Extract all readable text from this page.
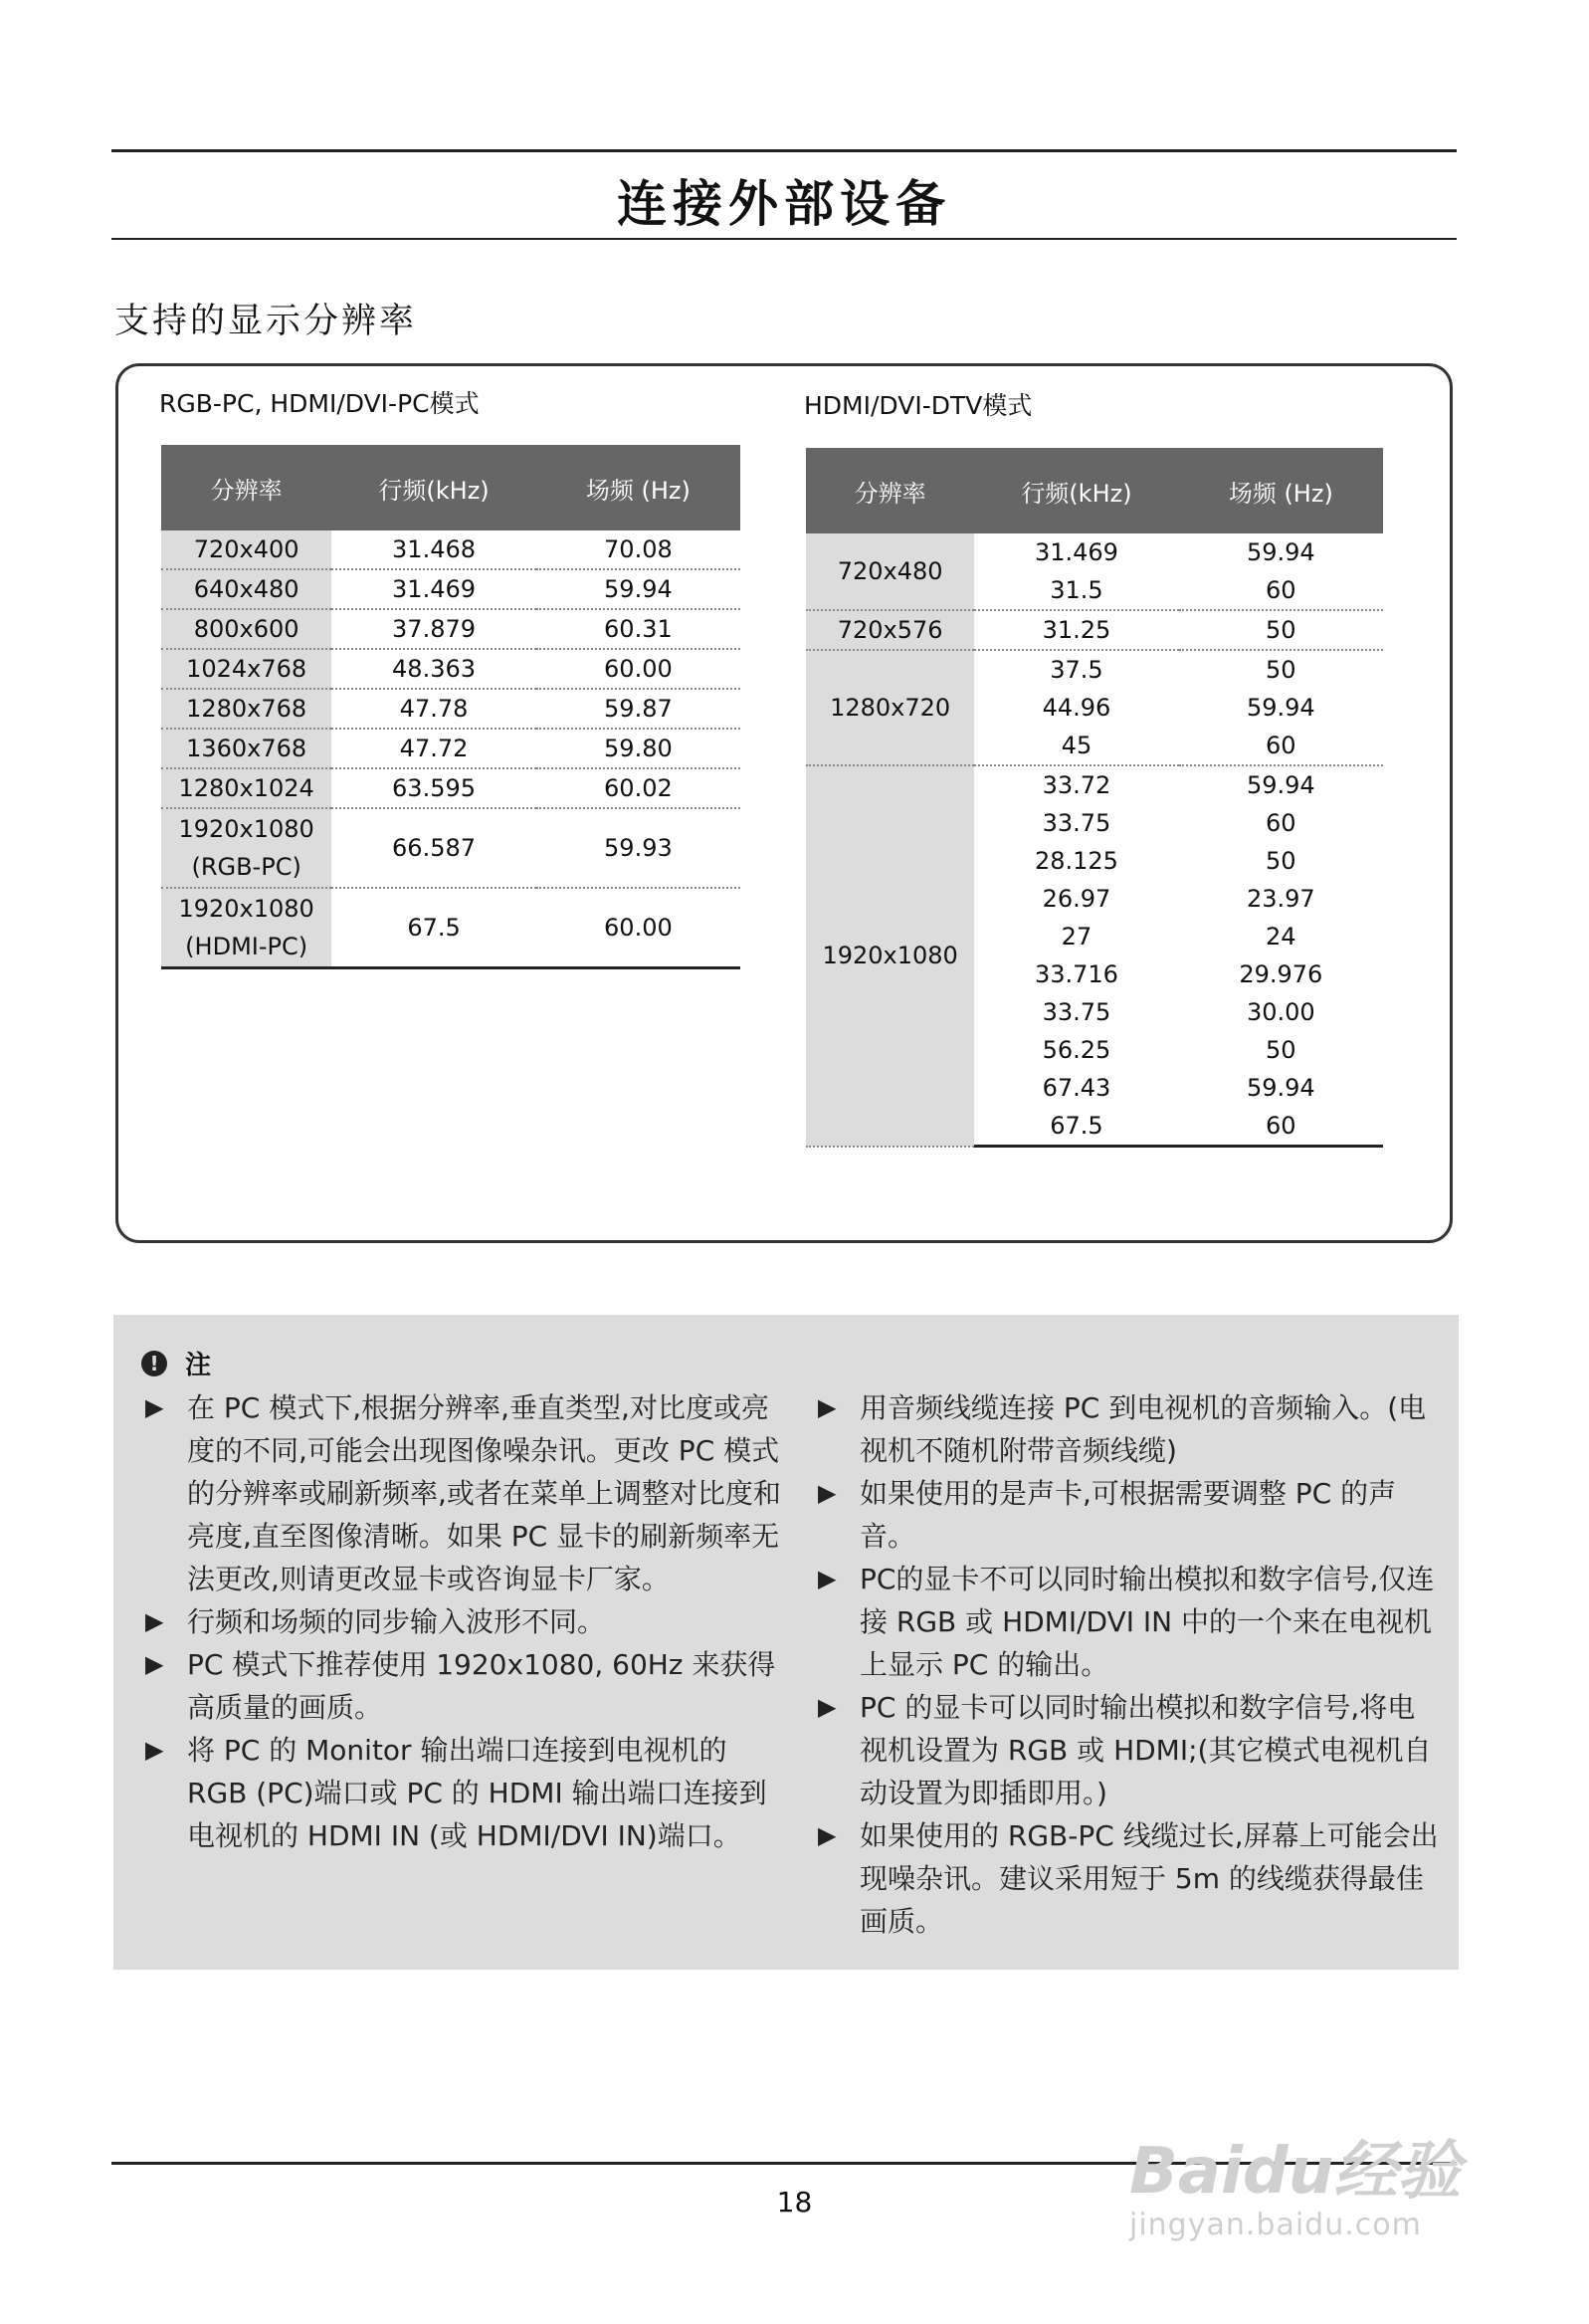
连接外部设备
支持的显示分辨率
RGB-PC, HDMI/DVI-PC模式
分辨率	行频(kHz)	场频 (Hz)
720x400	31.468	70.08
640x480	31.469	59.94
800x600	37.879	60.31
1024x768	48.363	60.00
1280x768	47.78	59.87
1360x768	47.72	59.80
1280x1024	63.595	60.02
1920x1080
(RGB-PC)	66.587	59.93
1920x1080
(HDMI-PC)	67.5	60.00
HDMI/DVI-DTV模式
分辨率	行频(kHz)	场频 (Hz)
720x480	31.469	59.94
	31.5	60
720x576	31.25	50
1280x720	37.5	50
	44.96	59.94
	45	60
1920x1080	33.72	59.94
	33.75	60
	28.125	50
	26.97	23.97
	27	24
	33.716	29.976
	33.75	30.00
	56.25	50
	67.43	59.94
	67.5	60
!	注

▶ 在 PC 模式下,根据分辨率,垂直类型,对比度或亮度的不同,可能会出现图像噪杂讯。更改 PC 模式的分辨率或刷新频率,或者在菜单上调整对比度和亮度,直至图像清晰。如果 PC 显卡的刷新频率无法更改,则请更改显卡或咨询显卡厂家。

▶ 行频和场频的同步输入波形不同。

▶ PC 模式下推荐使用 1920x1080, 60Hz 来获得高质量的画质。

▶ 将 PC 的 Monitor 输出端口连接到电视机的 RGB (PC)端口或 PC 的 HDMI 输出端口连接到电视机的 HDMI IN (或 HDMI/DVI IN)端口。

▶ 用音频线缆连接 PC 到电视机的音频输入。(电视机不随机附带音频线缆)

▶ 如果使用的是声卡,可根据需要调整 PC 的声音。

▶ PC的显卡不可以同时输出模拟和数字信号,仅连接 RGB 或 HDMI/DVI IN 中的一个来在电视机上显示 PC 的输出。

▶ PC 的显卡可以同时输出模拟和数字信号,将电视机设置为 RGB 或 HDMI;(其它模式电视机自动设置为即插即用。)

▶ 如果使用的 RGB-PC 线缆过长,屏幕上可能会出现噪杂讯。建议采用短于 5m 的线缆获得最佳画质。

18	Baidu经验
jingyan.baidu.com
